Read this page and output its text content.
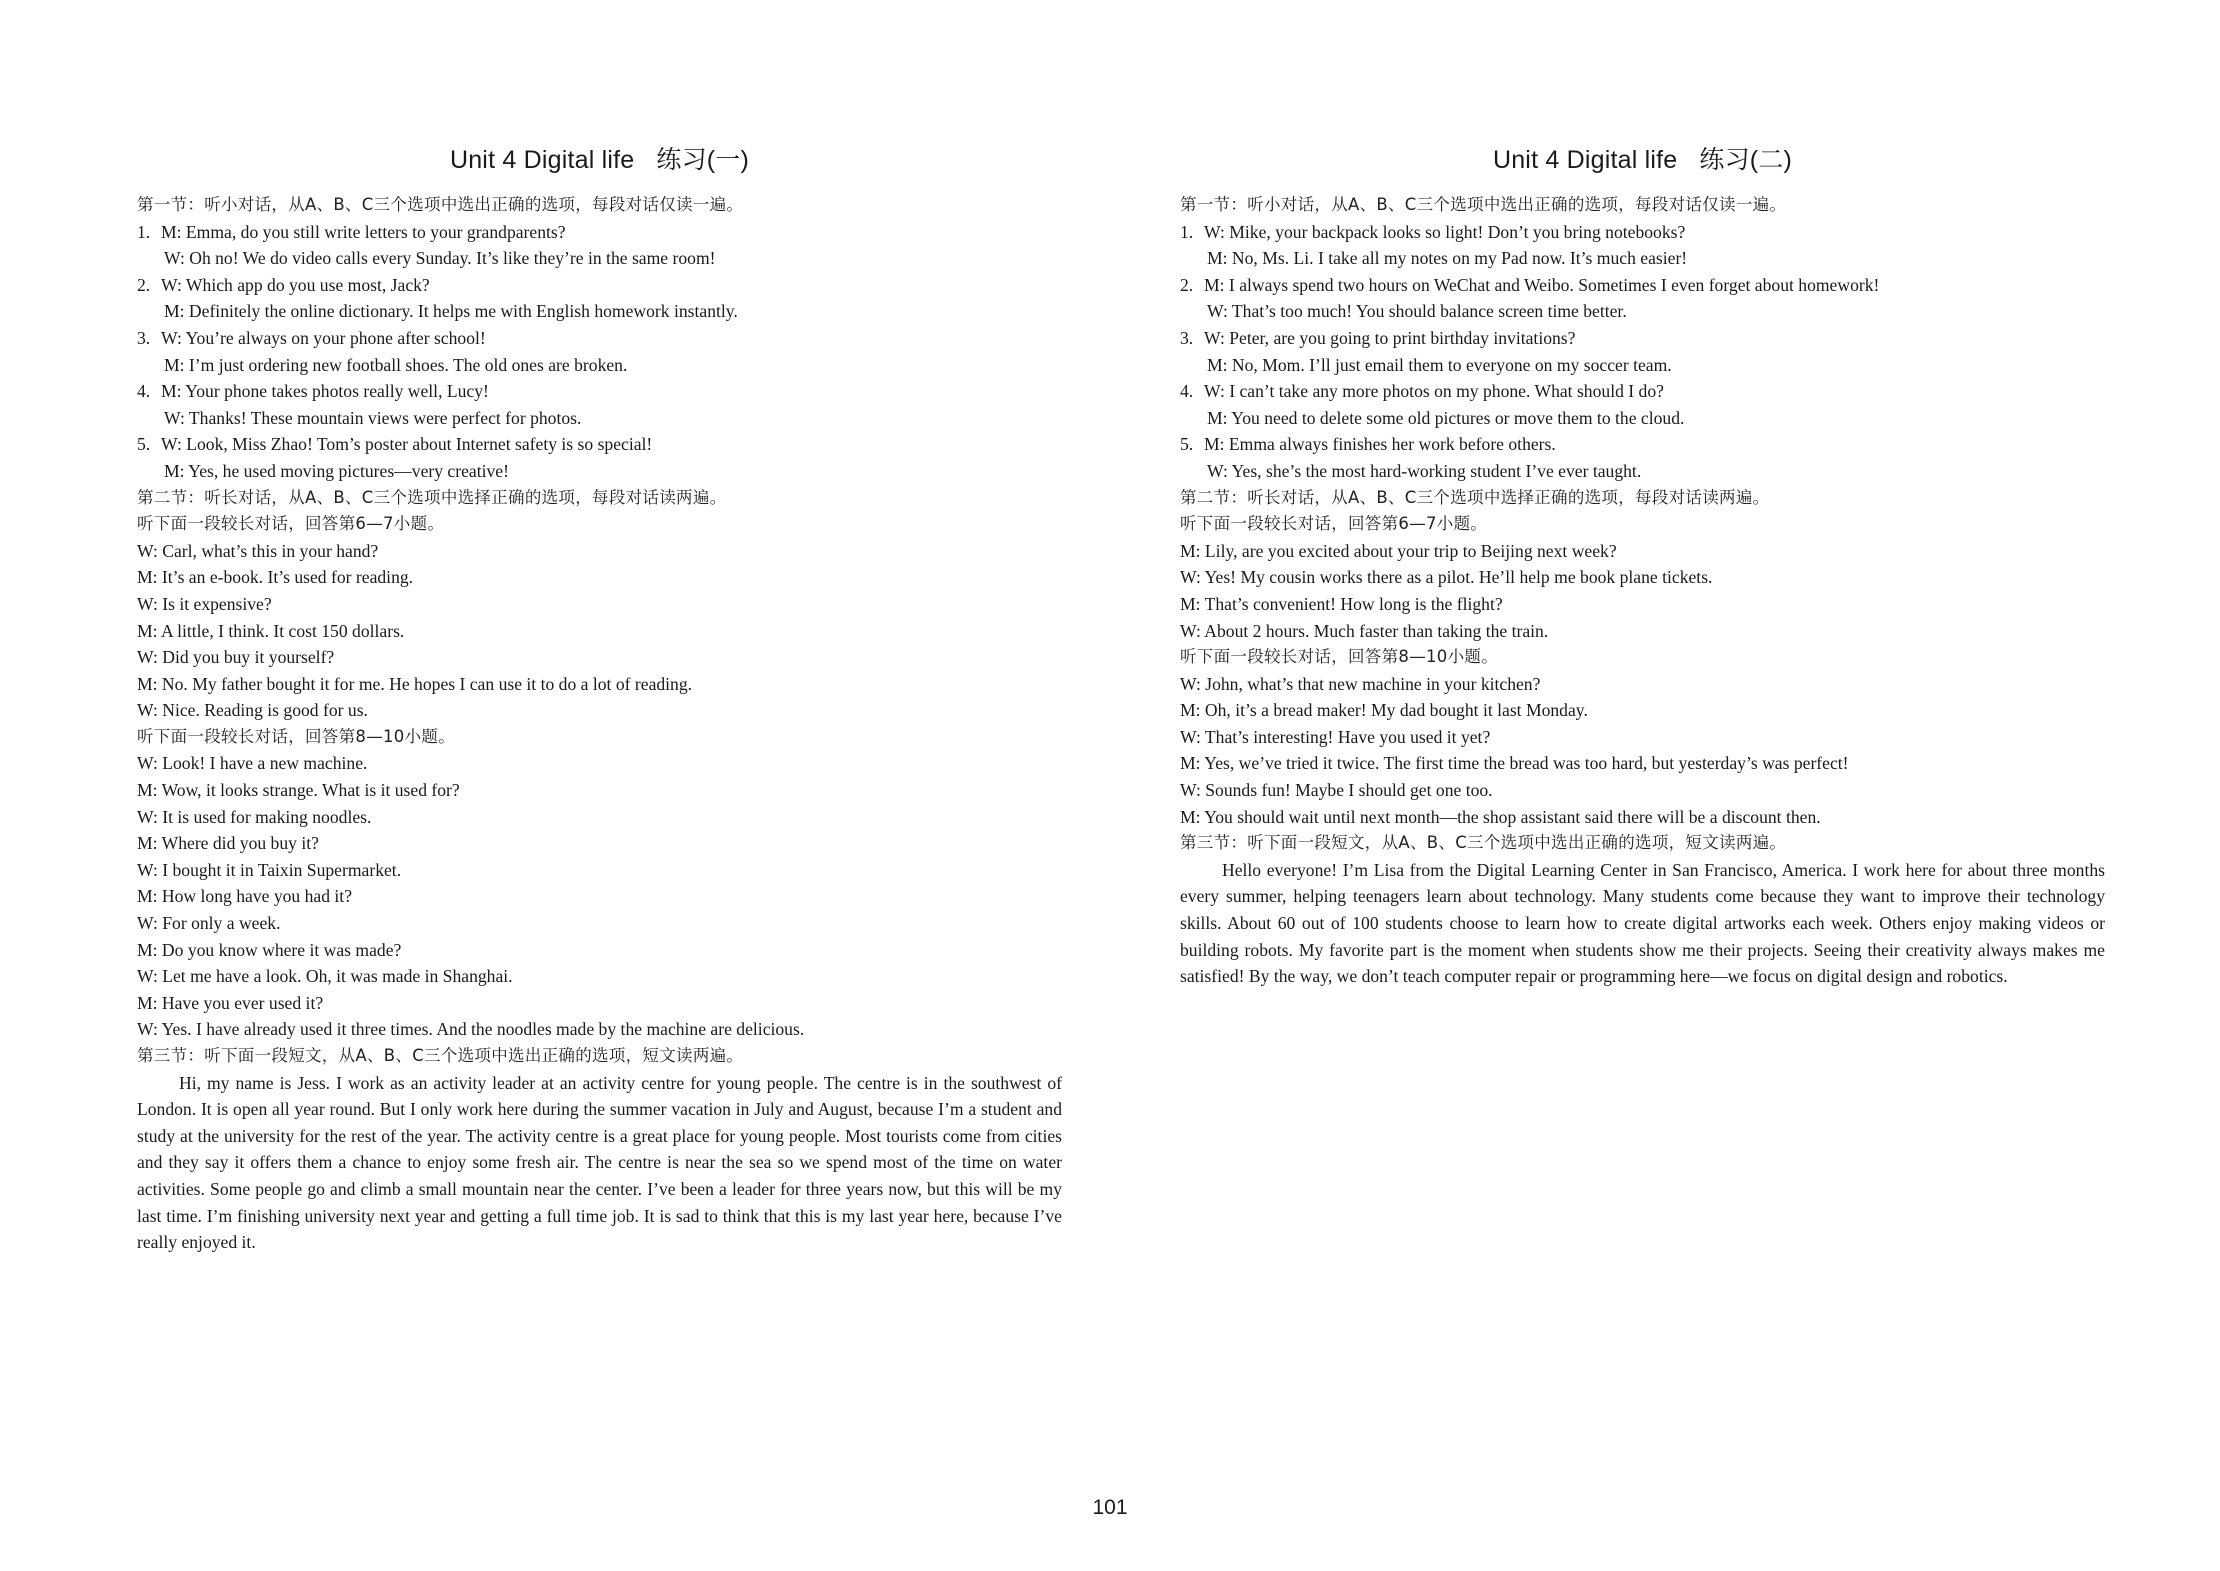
Unit 4 Digital life 练习(一)
第一节：听小对话，从A、B、C三个选项中选出正确的选项，每段对话仅读一遍。
1. M: Emma, do you still write letters to your grandparents?
W: Oh no! We do video calls every Sunday. It’s like they’re in the same room!
2. W: Which app do you use most, Jack?
M: Definitely the online dictionary. It helps me with English homework instantly.
3. W: You’re always on your phone after school!
M: I’m just ordering new football shoes. The old ones are broken.
4. M: Your phone takes photos really well, Lucy!
W: Thanks! These mountain views were perfect for photos.
5. W: Look, Miss Zhao! Tom’s poster about Internet safety is so special!
M: Yes, he used moving pictures—very creative!
第二节：听长对话，从A、B、C三个选项中选择正确的选项，每段对话读两遍。
听下面一段较长对话，回答第6—7小题。
W: Carl, what’s this in your hand?
M: It’s an e-book. It’s used for reading.
W: Is it expensive?
M: A little, I think. It cost 150 dollars.
W: Did you buy it yourself?
M: No. My father bought it for me. He hopes I can use it to do a lot of reading.
W: Nice. Reading is good for us.
听下面一段较长对话，回答第8—10小题。
W: Look! I have a new machine.
M: Wow, it looks strange. What is it used for?
W: It is used for making noodles.
M: Where did you buy it?
W: I bought it in Taixin Supermarket.
M: How long have you had it?
W: For only a week.
M: Do you know where it was made?
W: Let me have a look. Oh, it was made in Shanghai.
M: Have you ever used it?
W: Yes. I have already used it three times. And the noodles made by the machine are delicious.
第三节：听下面一段短文，从A、B、C三个选项中选出正确的选项，短文读两遍。

Hi, my name is Jess. I work as an activity leader at an activity centre for young people. The centre is in the southwest of London. It is open all year round. But I only work here during the summer vacation in July and August, because I’m a student and study at the university for the rest of the year. The activity centre is a great place for young people. Most tourists come from cities and they say it offers them a chance to enjoy some fresh air. The centre is near the sea so we spend most of the time on water activities. Some people go and climb a small mountain near the center. I’ve been a leader for three years now, but this will be my last time. I’m finishing university next year and getting a full time job. It is sad to think that this is my last year here, because I’ve really enjoyed it.

Unit 4 Digital life 练习(二)
第一节：听小对话，从A、B、C三个选项中选出正确的选项，每段对话仅读一遍。
1. W: Mike, your backpack looks so light! Don’t you bring notebooks?
M: No, Ms. Li. I take all my notes on my Pad now. It’s much easier!
2. M: I always spend two hours on WeChat and Weibo. Sometimes I even forget about homework!
W: That’s too much! You should balance screen time better.
3. W: Peter, are you going to print birthday invitations?
M: No, Mom. I’ll just email them to everyone on my soccer team.
4. W: I can’t take any more photos on my phone. What should I do?
M: You need to delete some old pictures or move them to the cloud.
5. M: Emma always finishes her work before others.
W: Yes, she’s the most hard-working student I’ve ever taught.
第二节：听长对话，从A、B、C三个选项中选择正确的选项，每段对话读两遍。
听下面一段较长对话，回答第6—7小题。
M: Lily, are you excited about your trip to Beijing next week?
W: Yes! My cousin works there as a pilot. He’ll help me book plane tickets.
M: That’s convenient! How long is the flight?
W: About 2 hours. Much faster than taking the train.
听下面一段较长对话，回答第8—10小题。
W: John, what’s that new machine in your kitchen?
M: Oh, it’s a bread maker! My dad bought it last Monday.
W: That’s interesting! Have you used it yet?
M: Yes, we’ve tried it twice. The first time the bread was too hard, but yesterday’s was perfect!
W: Sounds fun! Maybe I should get one too.
M: You should wait until next month—the shop assistant said there will be a discount then.
第三节：听下面一段短文，从A、B、C三个选项中选出正确的选项，短文读两遍。

Hello everyone! I’m Lisa from the Digital Learning Center in San Francisco, America. I work here for about three months every summer, helping teenagers learn about technology. Many students come because they want to improve their technology skills. About 60 out of 100 students choose to learn how to create digital artworks each week. Others enjoy making videos or building robots. My favorite part is the moment when students show me their projects. Seeing their creativity always makes me satisfied! By the way, we don’t teach computer repair or programming here—we focus on digital design and robotics.

101
